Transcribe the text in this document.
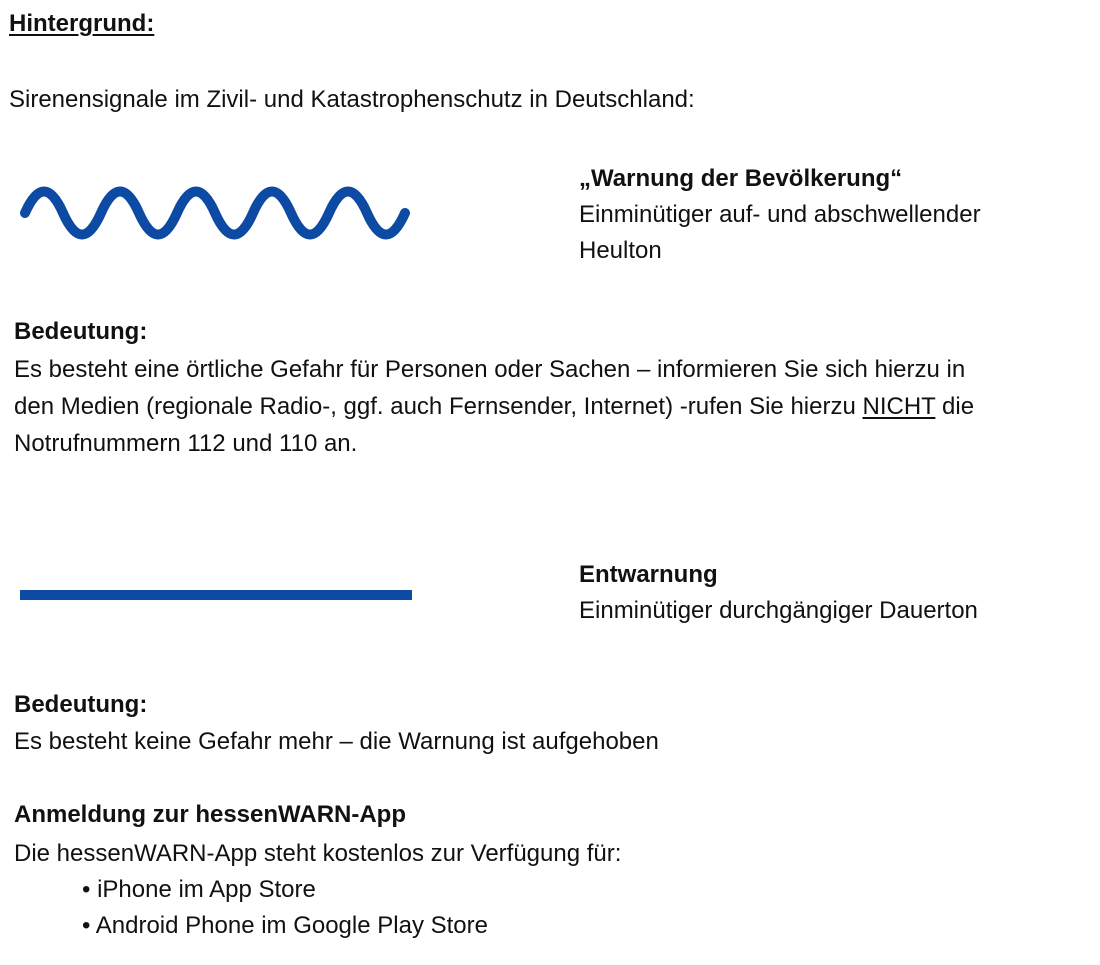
Hintergrund:
Sirenensignale im Zivil- und Katastrophenschutz in Deutschland:
„Warnung der Bevölkerung“
Einminütiger auf- und abschwellender
Heulton
Bedeutung:
Es besteht eine örtliche Gefahr für Personen oder Sachen – informieren Sie sich hierzu in
den Medien (regionale Radio-, ggf. auch Fernsender, Internet) -rufen Sie hierzu NICHT die
Notrufnummern 112 und 110 an.
Entwarnung
Einminütiger durchgängiger Dauerton
Bedeutung:
Es besteht keine Gefahr mehr – die Warnung ist aufgehoben
Anmeldung zur hessenWARN-App
Die hessenWARN-App steht kostenlos zur Verfügung für:
• iPhone im App Store
• Android Phone im Google Play Store
